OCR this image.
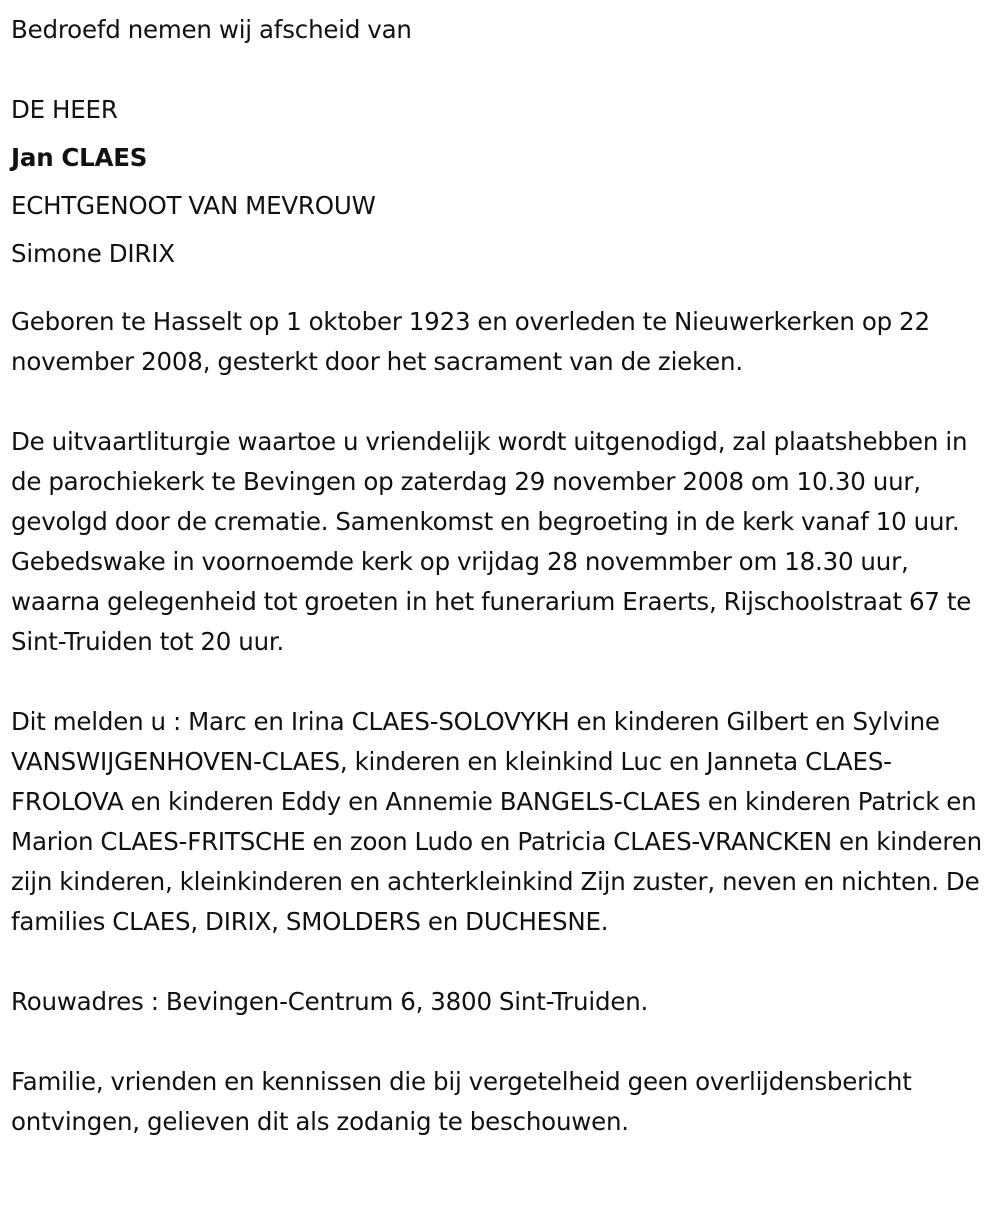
Bedroefd nemen wij afscheid van

DE HEER

Jan CLAES

ECHTGENOOT VAN MEVROUW

Simone DIRIX

Geboren te Hasselt op 1 oktober 1923 en overleden te Nieuwerkerken op 22 november 2008, gesterkt door het sacrament van de zieken.

De uitvaartliturgie waartoe u vriendelijk wordt uitgenodigd, zal plaatshebben in de parochiekerk te Bevingen op zaterdag 29 november 2008 om 10.30 uur, gevolgd door de crematie. Samenkomst en begroeting in de kerk vanaf 10 uur. Gebedswake in voornoemde kerk op vrijdag 28 novemmber om 18.30 uur, waarna gelegenheid tot groeten in het funerarium Eraerts, Rijschoolstraat 67 te Sint-Truiden tot 20 uur.

Dit melden u : Marc en Irina CLAES-SOLOVYKH en kinderen Gilbert en Sylvine VANSWIJGENHOVEN-CLAES, kinderen en kleinkind Luc en Janneta CLAES-FROLOVA en kinderen Eddy en Annemie BANGELS-CLAES en kinderen Patrick en Marion CLAES-FRITSCHE en zoon Ludo en Patricia CLAES-VRANCKEN en kinderen zijn kinderen, kleinkinderen en achterkleinkind Zijn zuster, neven en nichten. De families CLAES, DIRIX, SMOLDERS en DUCHESNE.

Rouwadres : Bevingen-Centrum 6, 3800 Sint-Truiden.

Familie, vrienden en kennissen die bij vergetelheid geen overlijdensbericht ontvingen, gelieven dit als zodanig te beschouwen.
